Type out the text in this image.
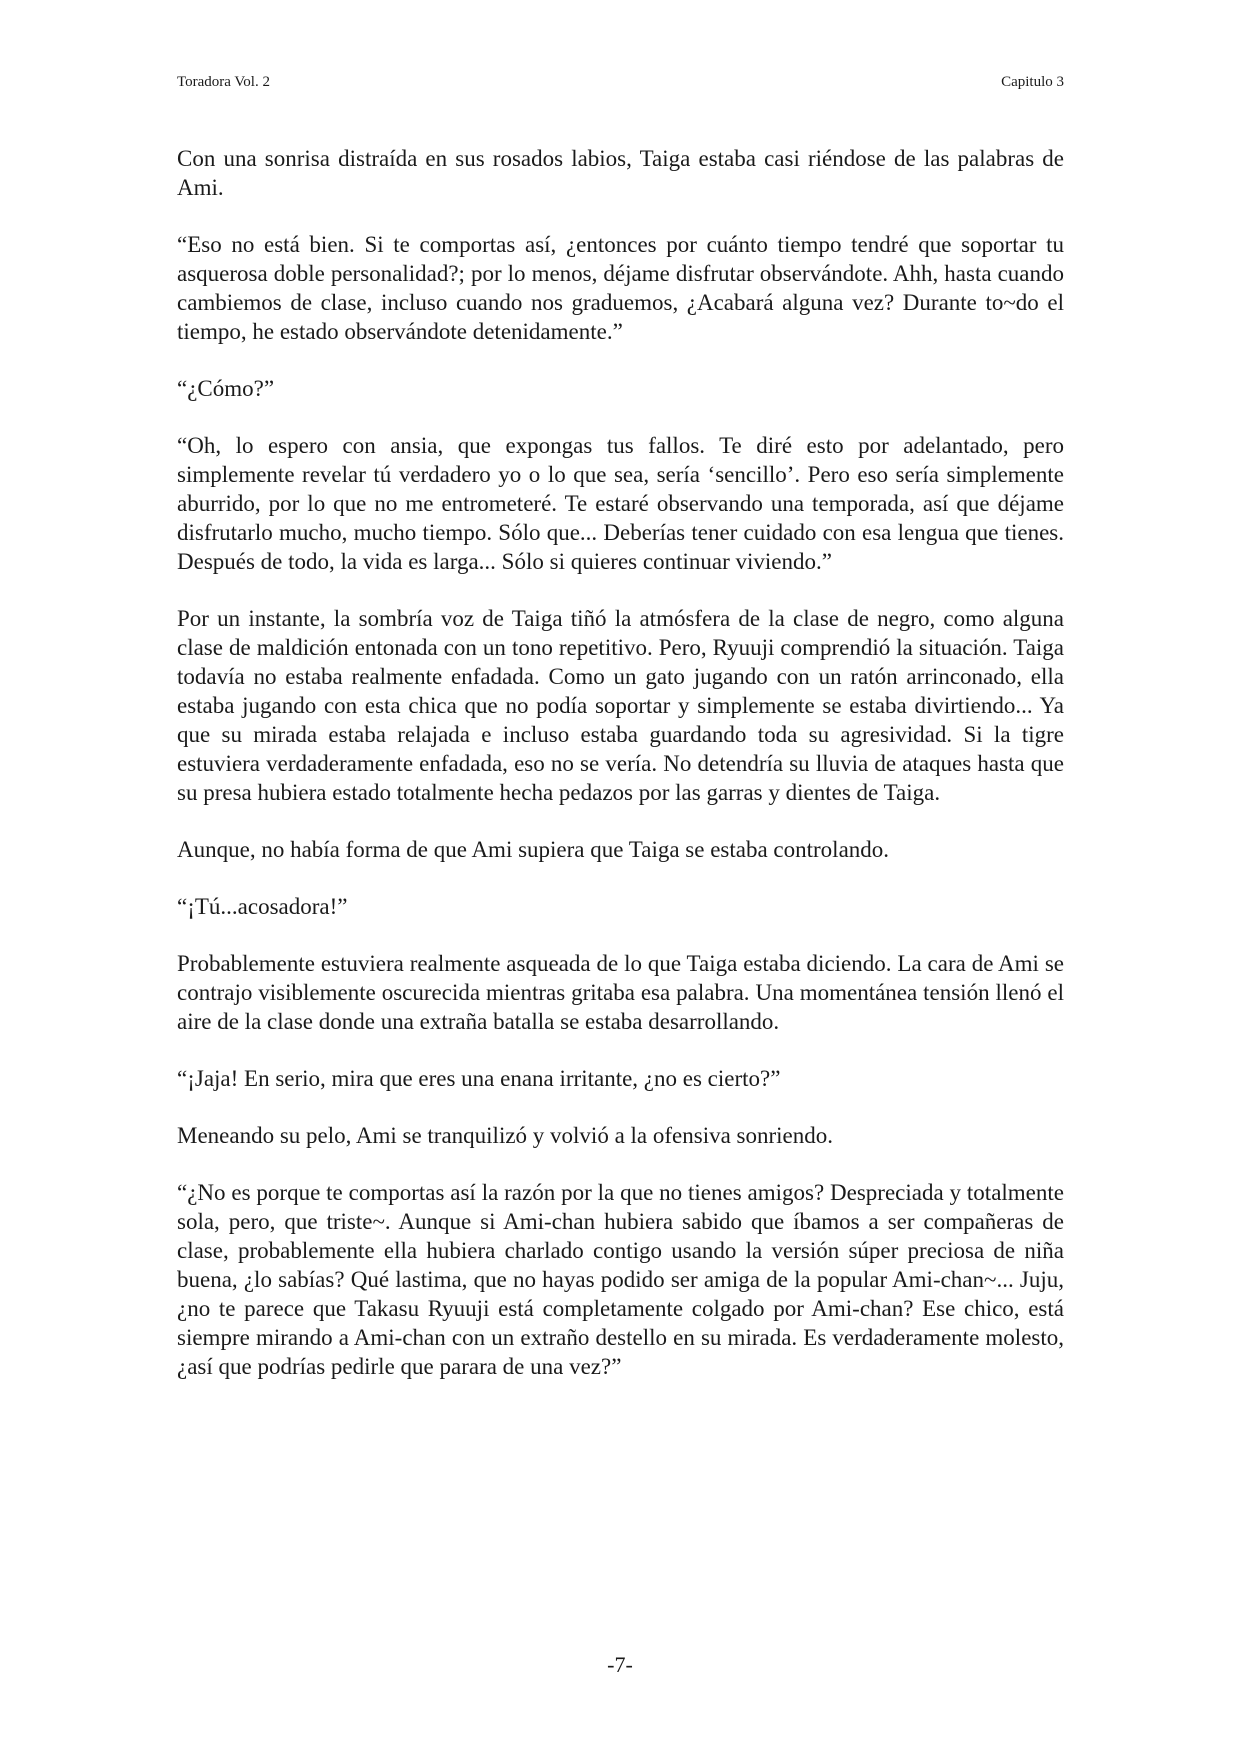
Toradora Vol. 2	Capitulo 3

Con una sonrisa distraída en sus rosados labios, Taiga estaba casi riéndose de las palabras de Ami.

“Eso no está bien. Si te comportas así, ¿entonces por cuánto tiempo tendré que soportar tu asquerosa doble personalidad?; por lo menos, déjame disfrutar observándote. Ahh, hasta cuando cambiemos de clase, incluso cuando nos graduemos, ¿Acabará alguna vez? Durante to~do el tiempo, he estado observándote detenidamente.”

“¿Cómo?”

“Oh, lo espero con ansia, que expongas tus fallos. Te diré esto por adelantado, pero simplemente revelar tú verdadero yo o lo que sea, sería ‘sencillo’. Pero eso sería simplemente aburrido, por lo que no me entrometeré. Te estaré observando una temporada, así que déjame disfrutarlo mucho, mucho tiempo. Sólo que... Deberías tener cuidado con esa lengua que tienes. Después de todo, la vida es larga... Sólo si quieres continuar viviendo.”

Por un instante, la sombría voz de Taiga tiñó la atmósfera de la clase de negro, como alguna clase de maldición entonada con un tono repetitivo. Pero, Ryuuji comprendió la situación. Taiga todavía no estaba realmente enfadada. Como un gato jugando con un ratón arrinconado, ella estaba jugando con esta chica que no podía soportar y simplemente se estaba divirtiendo... Ya que su mirada estaba relajada e incluso estaba guardando toda su agresividad. Si la tigre estuviera verdaderamente enfadada, eso no se vería. No detendría su lluvia de ataques hasta que su presa hubiera estado totalmente hecha pedazos por las garras y dientes de Taiga.

Aunque, no había forma de que Ami supiera que Taiga se estaba controlando.

“¡Tú...acosadora!”

Probablemente estuviera realmente asqueada de lo que Taiga estaba diciendo. La cara de Ami se contrajo visiblemente oscurecida mientras gritaba esa palabra. Una momentánea tensión llenó el aire de la clase donde una extraña batalla se estaba desarrollando.

“¡Jaja! En serio, mira que eres una enana irritante, ¿no es cierto?”

Meneando su pelo, Ami se tranquilizó y volvió a la ofensiva sonriendo.

“¿No es porque te comportas así la razón por la que no tienes amigos? Despreciada y totalmente sola, pero, que triste~. Aunque si Ami-chan hubiera sabido que íbamos a ser compañeras de clase, probablemente ella hubiera charlado contigo usando la versión súper preciosa de niña buena, ¿lo sabías? Qué lastima, que no hayas podido ser amiga de la popular Ami-chan~... Juju, ¿no te parece que Takasu Ryuuji está completamente colgado por Ami-chan? Ese chico, está siempre mirando a Ami-chan con un extraño destello en su mirada. Es verdaderamente molesto, ¿así que podrías pedirle que parara de una vez?”

-7-
